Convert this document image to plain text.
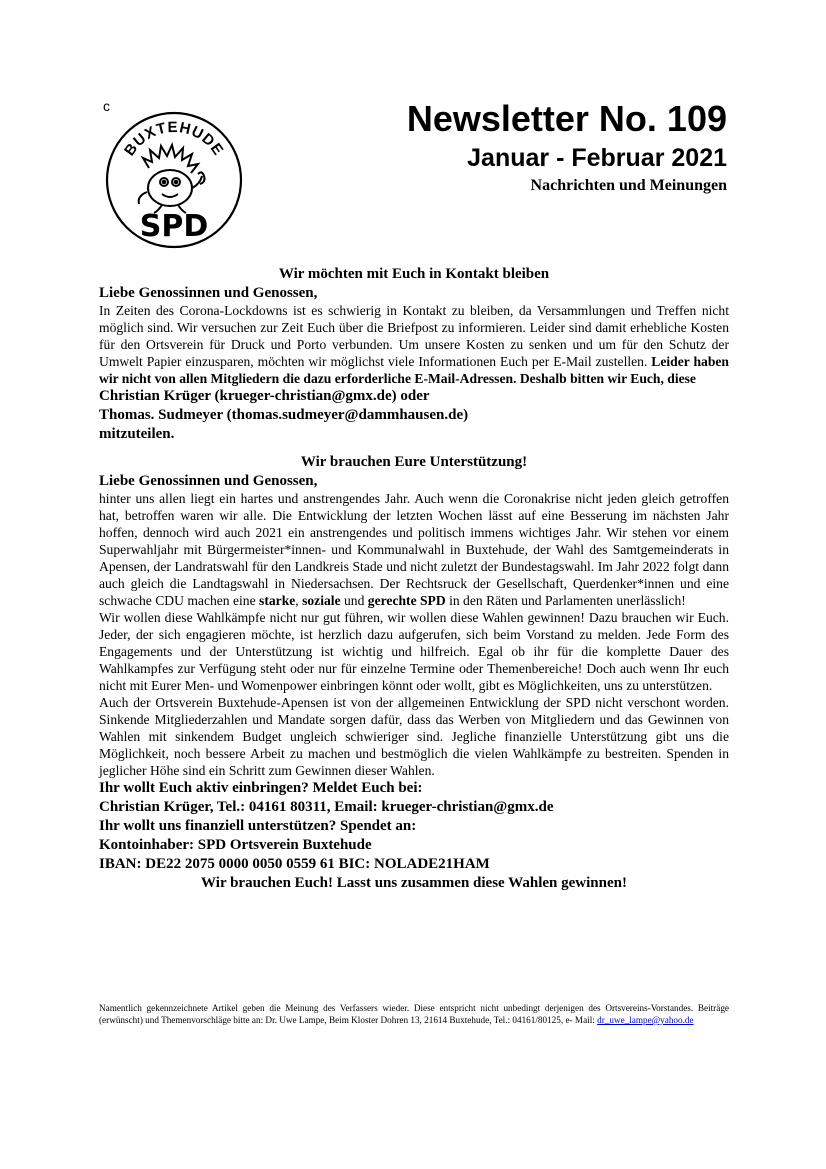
c
BUXTEHUDE
SPD
Newsletter No. 109
Januar - Februar 2021
Nachrichten und Meinungen
Wir möchten mit Euch in Kontakt bleiben
Liebe Genossinnen und Genossen,

In Zeiten des Corona-Lockdowns ist es schwierig in Kontakt zu bleiben, da Versammlungen und Treffen nicht möglich sind. Wir versuchen zur Zeit Euch über die Briefpost zu informieren. Leider sind damit erhebliche Kosten für den Ortsverein für Druck und Porto verbunden. Um unsere Kosten zu senken und um für den Schutz der Umwelt Papier einzusparen, möchten wir möglichst viele Informationen Euch per E-Mail zustellen. Leider haben wir nicht von allen Mitgliedern die dazu erforderliche E-Mail-Adressen. Deshalb bitten wir Euch, diese

Christian Krüger (krueger-christian@gmx.de) oder
Thomas. Sudmeyer (thomas.sudmeyer@dammhausen.de)
mitzuteilen.
Wir brauchen Eure Unterstützung!
Liebe Genossinnen und Genossen,

hinter uns allen liegt ein hartes und anstrengendes Jahr. Auch wenn die Coronakrise nicht jeden gleich getroffen hat, betroffen waren wir alle. Die Entwicklung der letzten Wochen lässt auf eine Besserung im nächsten Jahr hoffen, dennoch wird auch 2021 ein anstrengendes und politisch immens wichtiges Jahr. Wir stehen vor einem Superwahljahr mit Bürgermeister*innen- und Kommunalwahl in Buxtehude, der Wahl des Samtgemeinderats in Apensen, der Landratswahl für den Landkreis Stade und nicht zuletzt der Bundestagswahl. Im Jahr 2022 folgt dann auch gleich die Landtagswahl in Niedersachsen. Der Rechtsruck der Gesellschaft, Querdenker*innen und eine schwache CDU machen eine starke, soziale und gerechte SPD in den Räten und Parlamenten unerlässlich!

Wir wollen diese Wahlkämpfe nicht nur gut führen, wir wollen diese Wahlen gewinnen! Dazu brauchen wir Euch. Jeder, der sich engagieren möchte, ist herzlich dazu aufgerufen, sich beim Vorstand zu melden. Jede Form des Engagements und der Unterstützung ist wichtig und hilfreich. Egal ob ihr für die komplette Dauer des Wahlkampfes zur Verfügung steht oder nur für einzelne Termine oder Themenbereiche! Doch auch wenn Ihr euch nicht mit Eurer Men- und Womenpower einbringen könnt oder wollt, gibt es Möglichkeiten, uns zu unterstützen.

Auch der Ortsverein Buxtehude-Apensen ist von der allgemeinen Entwicklung der SPD nicht verschont worden. Sinkende Mitgliederzahlen und Mandate sorgen dafür, dass das Werben von Mitgliedern und das Gewinnen von Wahlen mit sinkendem Budget ungleich schwieriger sind. Jegliche finanzielle Unterstützung gibt uns die Möglichkeit, noch bessere Arbeit zu machen und bestmöglich die vielen Wahlkämpfe zu bestreiten. Spenden in jeglicher Höhe sind ein Schritt zum Gewinnen dieser Wahlen.

Ihr wollt Euch aktiv einbringen? Meldet Euch bei:
Christian Krüger, Tel.: 04161 80311, Email: krueger-christian@gmx.de
Ihr wollt uns finanziell unterstützen? Spendet an:
Kontoinhaber: SPD Ortsverein Buxtehude
IBAN: DE22 2075 0000 0050 0559 61 BIC: NOLADE21HAM
Wir brauchen Euch! Lasst uns zusammen diese Wahlen gewinnen!
Namentlich gekennzeichnete Artikel geben die Meinung des Verfassers wieder. Diese entspricht nicht unbedingt derjenigen des Ortsvereins-Vorstandes. Beiträge (erwünscht) und Themenvorschläge bitte an: Dr. Uwe Lampe, Beim Kloster Dohren 13, 21614 Buxtehude, Tel.: 04161/80125, e- Mail: dr_uwe_lampe@yahoo.de
